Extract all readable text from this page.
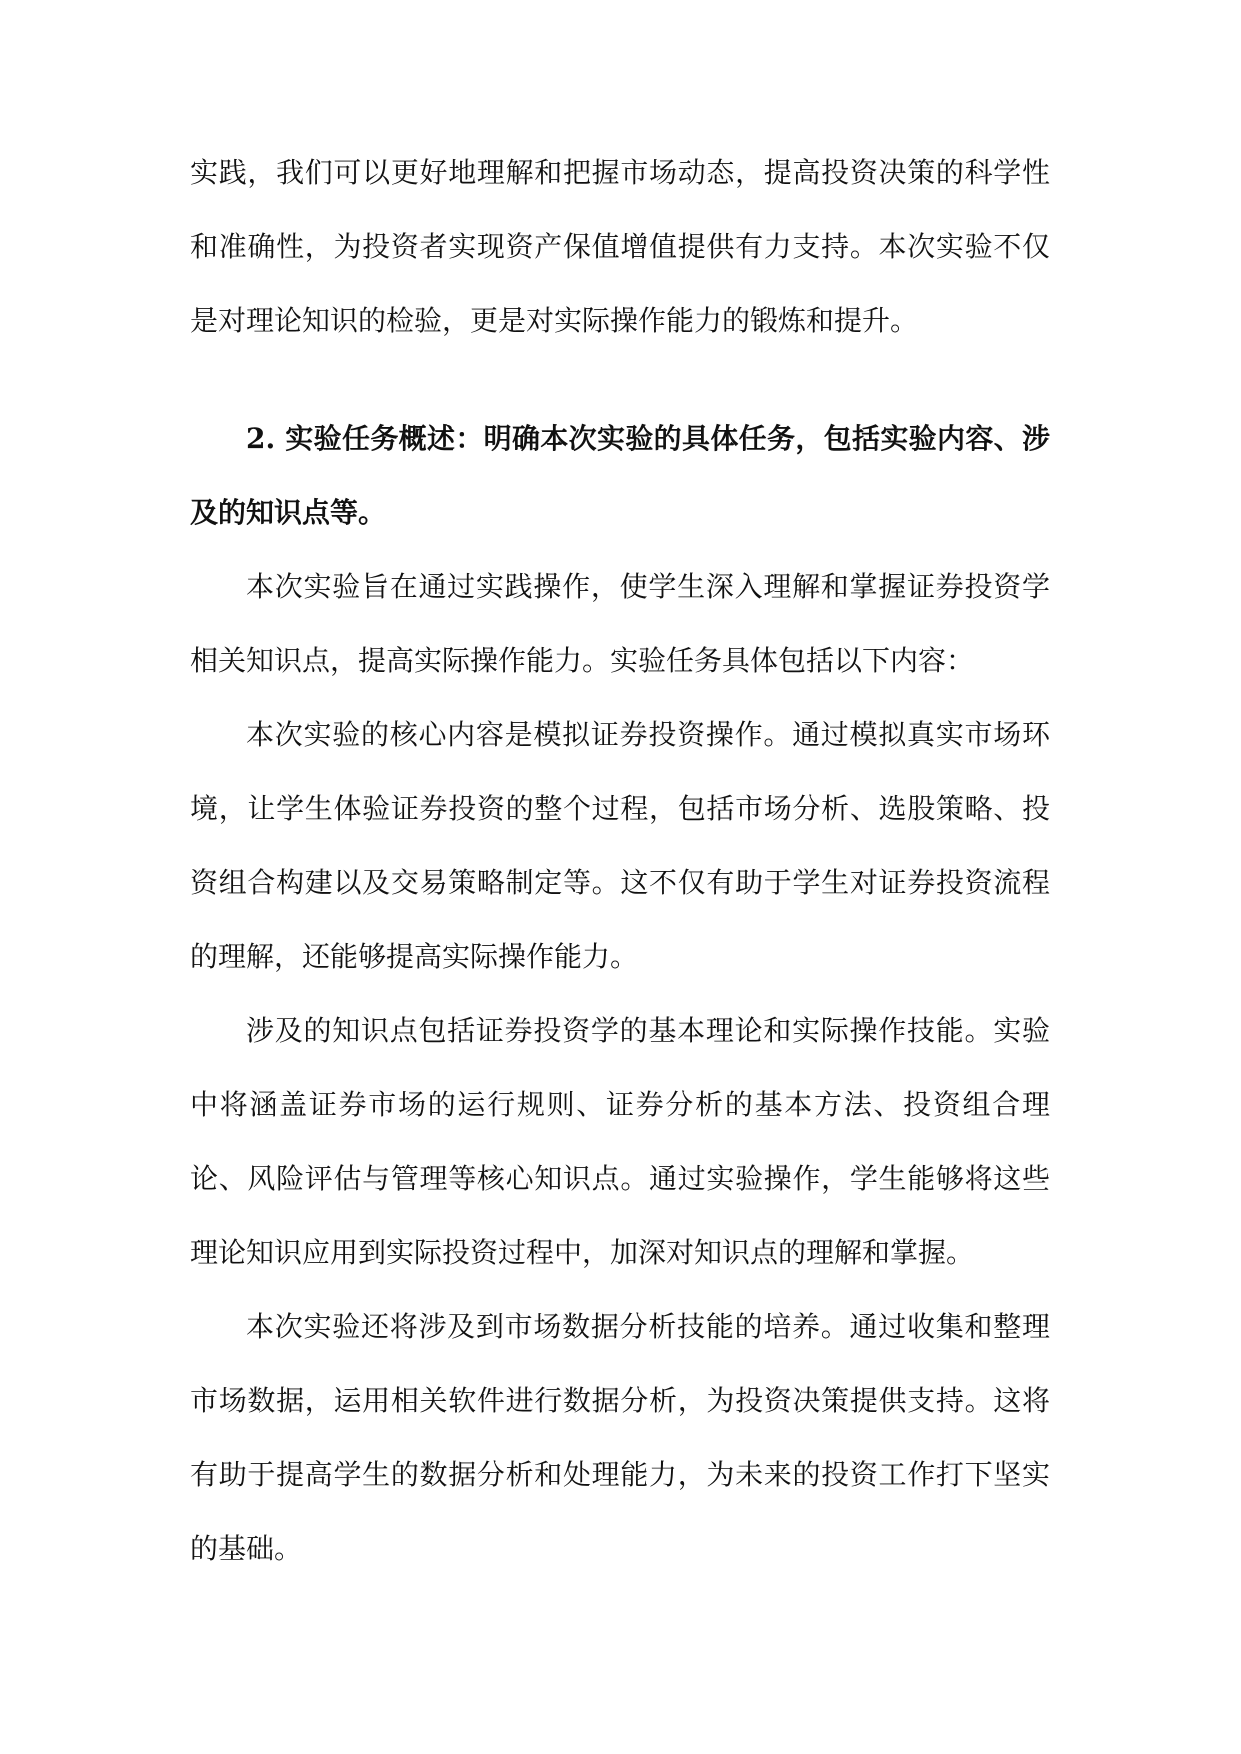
实践，我们可以更好地理解和把握市场动态，提高投资决策的科学性和准确性，为投资者实现资产保值增值提供有力支持。本次实验不仅是对理论知识的检验，更是对实际操作能力的锻炼和提升。

2. 实验任务概述：明确本次实验的具体任务，包括实验内容、涉及的知识点等。

本次实验旨在通过实践操作，使学生深入理解和掌握证券投资学相关知识点，提高实际操作能力。实验任务具体包括以下内容：

本次实验的核心内容是模拟证券投资操作。通过模拟真实市场环境，让学生体验证券投资的整个过程，包括市场分析、选股策略、投资组合构建以及交易策略制定等。这不仅有助于学生对证券投资流程的理解，还能够提高实际操作能力。

涉及的知识点包括证券投资学的基本理论和实际操作技能。实验中将涵盖证券市场的运行规则、证券分析的基本方法、投资组合理论、风险评估与管理等核心知识点。通过实验操作，学生能够将这些理论知识应用到实际投资过程中，加深对知识点的理解和掌握。

本次实验还将涉及到市场数据分析技能的培养。通过收集和整理市场数据，运用相关软件进行数据分析，为投资决策提供支持。这将有助于提高学生的数据分析和处理能力，为未来的投资工作打下坚实的基础。
